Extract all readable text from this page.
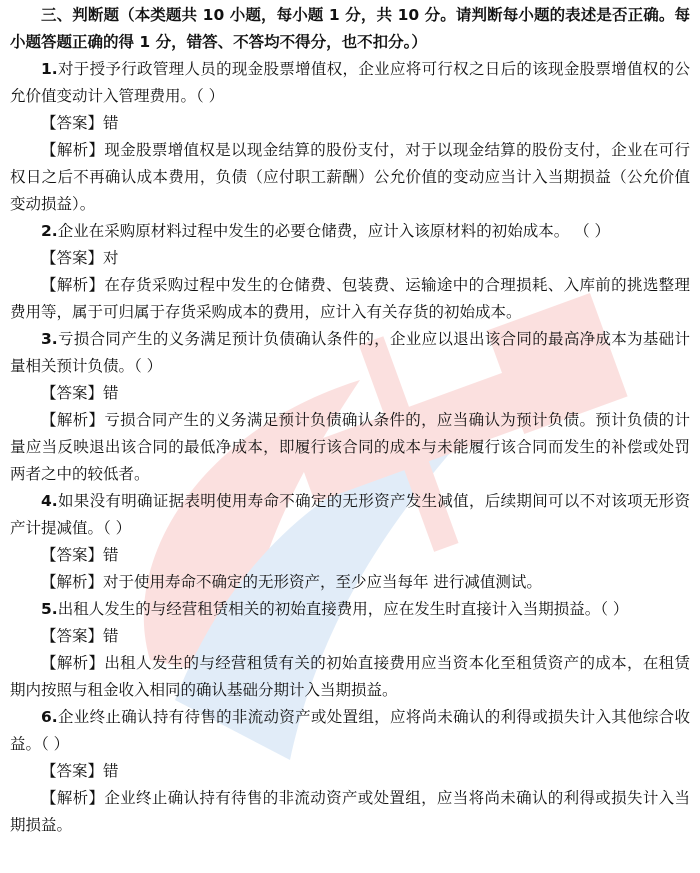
三、判断题（本类题共 10 小题，每小题 1 分，共 10 分。请判断每小题的表述是否正确。每小题答题正确的得 1 分，错答、不答均不得分，也不扣分。）

1.对于授予行政管理人员的现金股票增值权，企业应将可行权之日后的该现金股票增值权的公允价值变动计入管理费用。（ ）

【答案】错

【解析】现金股票增值权是以现金结算的股份支付，对于以现金结算的股份支付，企业在可行权日之后不再确认成本费用，负债（应付职工薪酬）公允价值的变动应当计入当期损益（公允价值变动损益）。

2.企业在采购原材料过程中发生的必要仓储费，应计入该原材料的初始成本。 （ ）

【答案】对

【解析】在存货采购过程中发生的仓储费、包装费、运输途中的合理损耗、入库前的挑选整理费用等，属于可归属于存货采购成本的费用，应计入有关存货的初始成本。

3.亏损合同产生的义务满足预计负债确认条件的，企业应以退出该合同的最高净成本为基础计量相关预计负债。（ ）

【答案】错

【解析】亏损合同产生的义务满足预计负债确认条件的，应当确认为预计负债。预计负债的计量应当反映退出该合同的最低净成本，即履行该合同的成本与未能履行该合同而发生的补偿或处罚两者之中的较低者。

4.如果没有明确证据表明使用寿命不确定的无形资产发生减值，后续期间可以不对该项无形资产计提减值。（ ）

【答案】错

【解析】对于使用寿命不确定的无形资产，至少应当每年 进行减值测试。

5.出租人发生的与经营租赁相关的初始直接费用，应在发生时直接计入当期损益。（ ）

【答案】错

【解析】出租人发生的与经营租赁有关的初始直接费用应当资本化至租赁资产的成本，在租赁期内按照与租金收入相同的确认基础分期计入当期损益。

6.企业终止确认持有待售的非流动资产或处置组，应将尚未确认的利得或损失计入其他综合收益。（ ）

【答案】错

【解析】企业终止确认持有待售的非流动资产或处置组，应当将尚未确认的利得或损失计入当期损益。
